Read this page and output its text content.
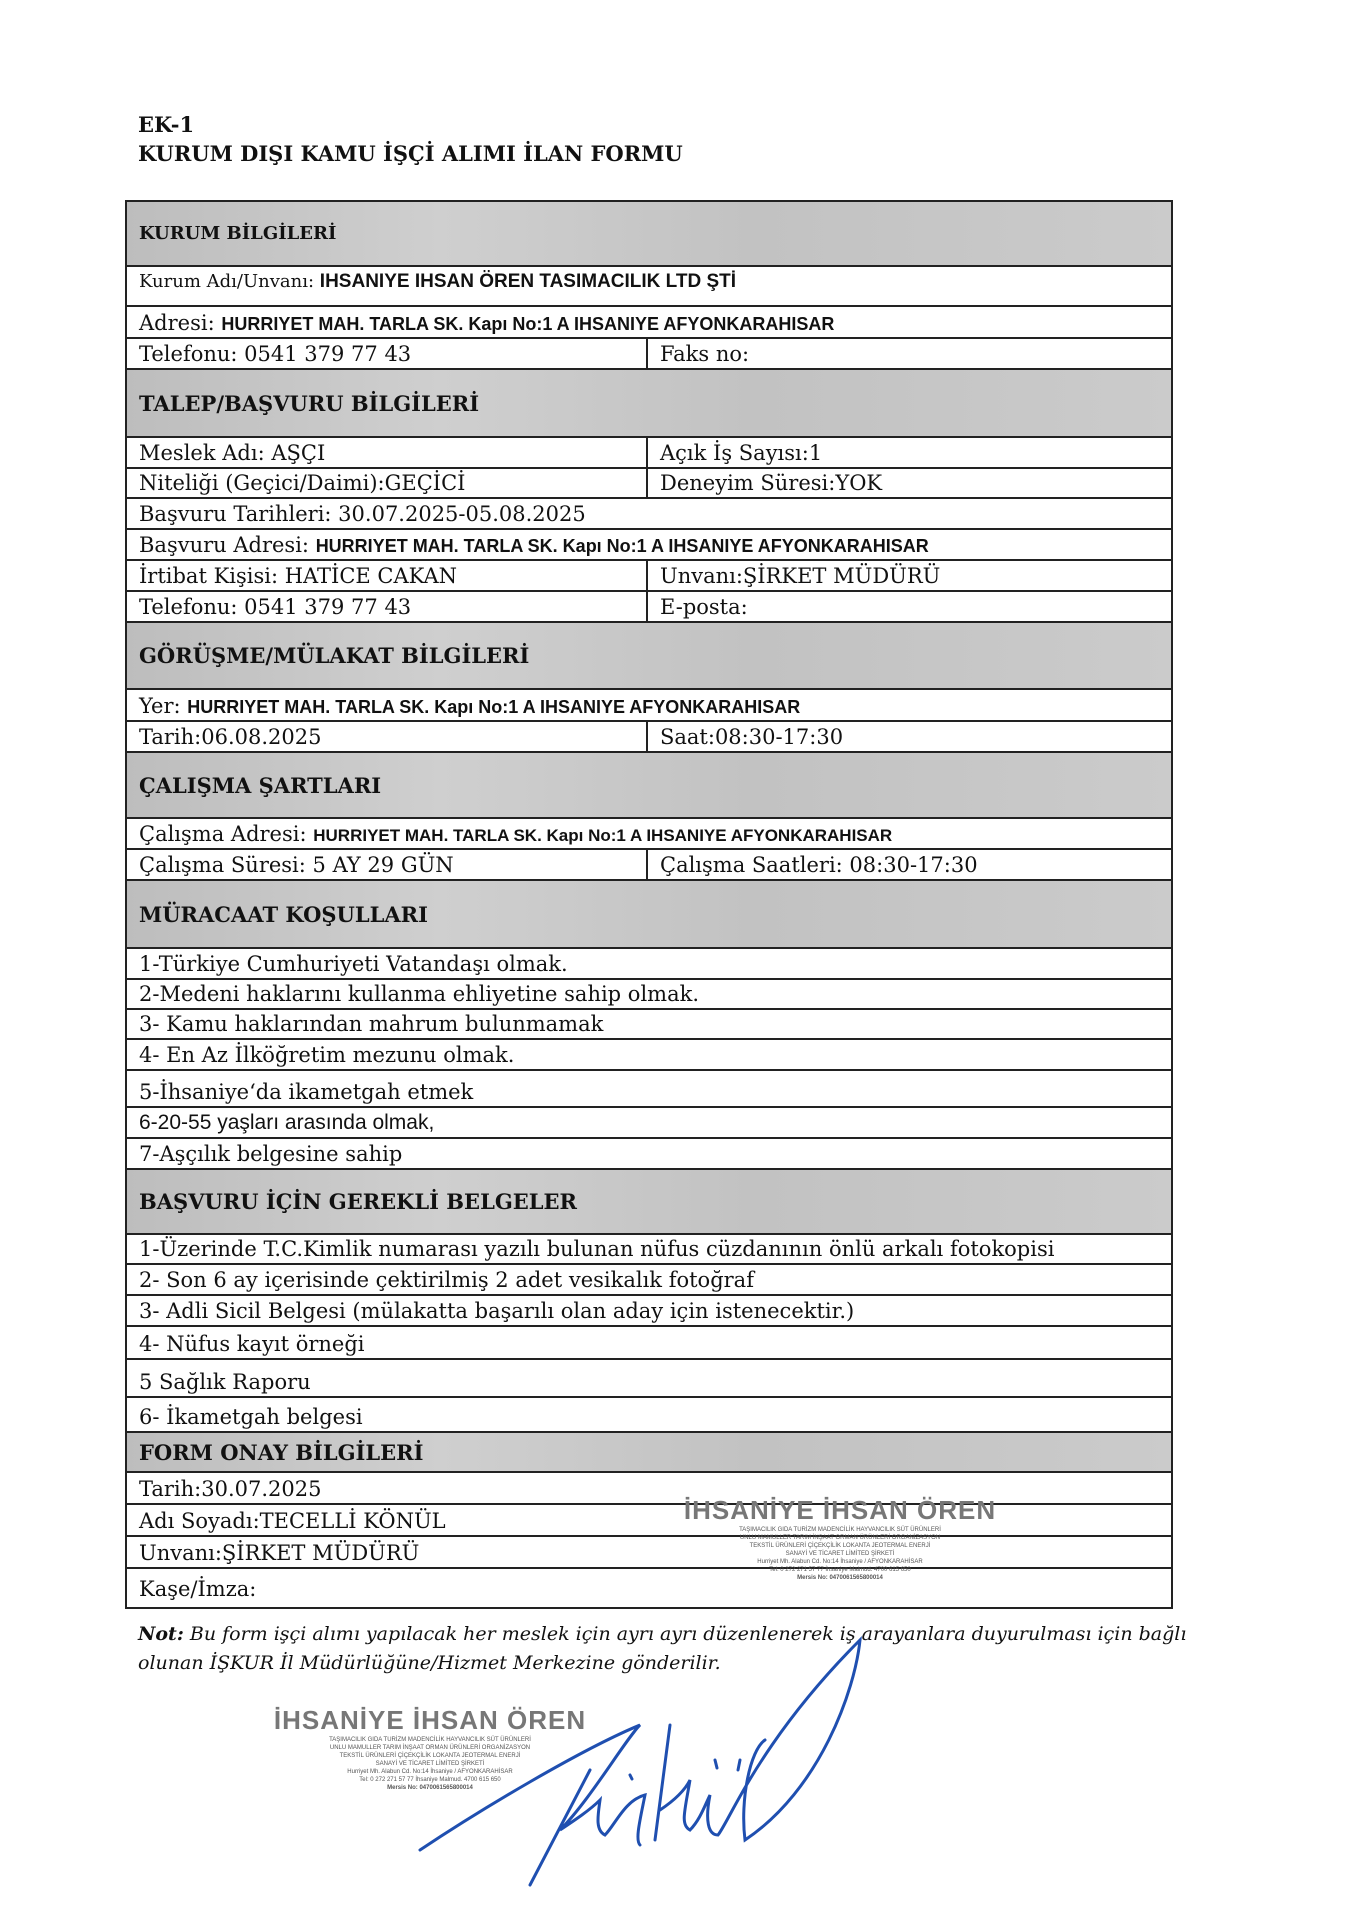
EK-1
KURUM DIŞI KAMU İŞÇİ ALIMI İLAN FORMU
KURUM BİLGİLERİ
Kurum Adı/Unvanı: IHSANIYE IHSAN ÖREN TASIMACILIK LTD ŞTİ
Adresi: HURRIYET MAH. TARLA SK. Kapı No:1 A IHSANIYE AFYONKARAHISAR
Telefonu: 0541 379 77 43	Faks no:
TALEP/BAŞVURU BİLGİLERİ
Meslek Adı: AŞÇI	Açık İş Sayısı:1
Niteliği (Geçici/Daimi):GEÇİCİ	Deneyim Süresi:YOK
Başvuru Tarihleri: 30.07.2025-05.08.2025
Başvuru Adresi: HURRIYET MAH. TARLA SK. Kapı No:1 A IHSANIYE AFYONKARAHISAR
İrtibat Kişisi: HATİCE CAKAN	Unvanı:ŞİRKET MÜDÜRÜ
Telefonu: 0541 379 77 43	E-posta:
GÖRÜŞME/MÜLAKAT BİLGİLERİ
Yer: HURRIYET MAH. TARLA SK. Kapı No:1 A IHSANIYE AFYONKARAHISAR
Tarih:06.08.2025	Saat:08:30-17:30
ÇALIŞMA ŞARTLARI
Çalışma Adresi: HURRIYET MAH. TARLA SK. Kapı No:1 A IHSANIYE AFYONKARAHISAR
Çalışma Süresi: 5 AY 29 GÜN	Çalışma Saatleri: 08:30-17:30
MÜRACAAT KOŞULLARI
1-Türkiye Cumhuriyeti Vatandaşı olmak.
2-Medeni haklarını kullanma ehliyetine sahip olmak.
3- Kamu haklarından mahrum bulunmamak
4- En Az İlköğretim mezunu olmak.
5-İhsaniye‘da ikametgah etmek
6-20-55 yaşları arasında olmak,
7-Aşçılık belgesine sahip
BAŞVURU İÇİN GEREKLİ BELGELER
1-Üzerinde T.C.Kimlik numarası yazılı bulunan nüfus cüzdanının önlü arkalı fotokopisi
2- Son 6 ay içerisinde çektirilmiş 2 adet vesikalık fotoğraf
3- Adli Sicil Belgesi (mülakatta başarılı olan aday için istenecektir.)
4- Nüfus kayıt örneği
5 Sağlık Raporu
6- İkametgah belgesi
FORM ONAY BİLGİLERİ
Tarih:30.07.2025
Adı Soyadı:TECELLİ KÖNÜL
Unvanı:ŞİRKET MÜDÜRÜ
Kaşe/İmza:
İHSANİYE İHSAN ÖREN
TAŞIMACILIK GIDA TURİZM MADENCİLİK HAYVANCILIK SÜT ÜRÜNLERİ
UNLU MAMULLER TARIM İNŞAAT ORMAN ÜRÜNLERİ ORGANİZASYON
TEKSTİL ÜRÜNLERİ ÇİÇEKÇİLİK LOKANTA JEOTERMAL ENERJİ
SANAYİ VE TİCARET LİMİTED ŞİRKETİ
Hurriyet Mh. Alabun Cd. No:14 İhsaniye / AFYONKARAHİSAR
Tel: 0 272 271 57 77 İhsaniye Malmud. 4700 615 650
Mersis No: 0470061565800014
Not: Bu form işçi alımı yapılacak her meslek için ayrı ayrı düzenlenerek iş arayanlara duyurulması için bağlı olunan İŞKUR İl Müdürlüğüne/Hizmet Merkezine gönderilir.
İHSANİYE İHSAN ÖREN
TAŞIMACILIK GIDA TURİZM MADENCİLİK HAYVANCILIK SÜT ÜRÜNLERİ
UNLU MAMULLER TARIM İNŞAAT ORMAN ÜRÜNLERİ ORGANİZASYON
TEKSTİL ÜRÜNLERİ ÇİÇEKÇİLİK LOKANTA JEOTERMAL ENERJİ
SANAYİ VE TİCARET LİMİTED ŞİRKETİ
Hurriyet Mh. Alabun Cd. No:14 İhsaniye / AFYONKARAHİSAR
Tel: 0 272 271 57 77 İhsaniye Malmud. 4700 615 650
Mersis No: 0470061565800014
